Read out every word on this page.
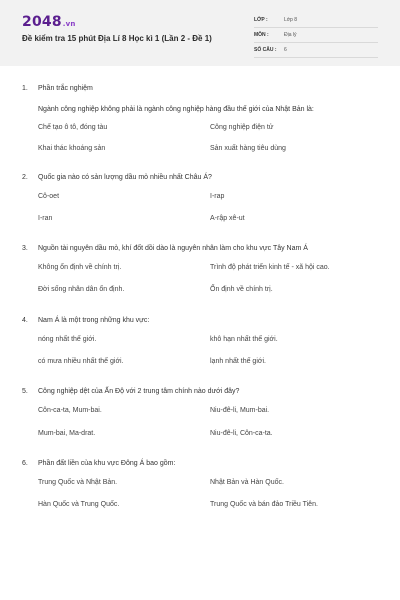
2048.vn
Đề kiểm tra 15 phút Địa Lí 8 Học kì 1 (Lần 2 - Đề 1)
LỚP :	Lớp 8
MÔN :	Địa lý
SỐ CÂU :	6
1.	Phần trắc nghiệm
Ngành công nghiệp không phải là ngành công nghiệp hàng đầu thế giới của Nhật Bản là:
Chế tạo ô tô, đóng tàu	Công nghiệp điện tử
Khai thác khoáng sản	Sản xuất hàng tiêu dùng
2.	Quốc gia nào có sản lượng dầu mỏ nhiều nhất Châu Á?
Cô-oet	I-rap
I-ran	A-rập xê-ut
3.	Nguồn tài nguyên dầu mỏ, khí đốt dồi dào là nguyên nhân làm cho khu vực Tây Nam Á
Không ổn định về chính trị.	Trình độ phát triển kinh tế - xã hội cao.
Đời sống nhân dân ổn định.	Ổn định về chính trị.
4.	Nam Á là một trong những khu vực:
nóng nhất thế giới.	khô hạn nhất thế giới.
có mưa nhiều nhất thế giới.	lạnh nhất thế giới.
5.	Công nghiệp dệt của Ấn Độ với 2 trung tâm chính nào dưới đây?
Côn-ca-ta, Mum-bai.	Niu-đê-li, Mum-bai.
Mum-bai, Ma-drat.	Niu-đê-li, Côn-ca-ta.
6.	Phần đất liền của khu vực Đông Á bao gồm:
Trung Quốc và Nhật Bản.	Nhật Bản và Hàn Quốc.
Hàn Quốc và Trung Quốc.	Trung Quốc và bán đảo Triều Tiên.
